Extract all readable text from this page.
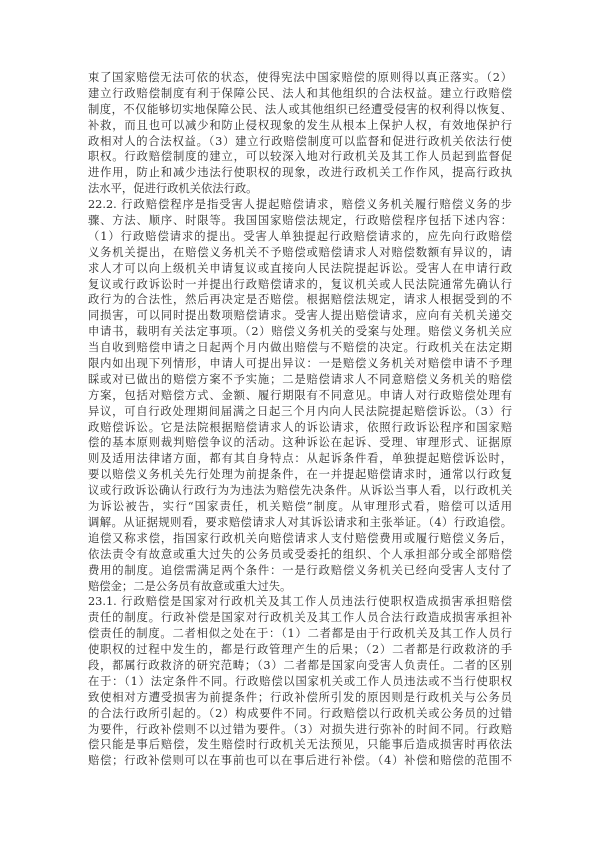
束了国家赔偿无法可依的状态，使得宪法中国家赔偿的原则得以真正落实。（2）
建立行政赔偿制度有利于保障公民、法人和其他组织的合法权益。建立行政赔偿
制度，不仅能够切实地保障公民、法人或其他组织已经遭受侵害的权利得以恢复、
补救，而且也可以减少和防止侵权现象的发生从根本上保护人权，有效地保护行
政相对人的合法权益。（3）建立行政赔偿制度可以监督和促进行政机关依法行使
职权。行政赔偿制度的建立，可以较深入地对行政机关及其工作人员起到监督促
进作用，防止和减少违法行使职权的现象，改进行政机关工作作风，提高行政执
法水平，促进行政机关依法行政。
22.2. 行政赔偿程序是指受害人提起赔偿请求，赔偿义务机关履行赔偿义务的步
骤、方法、顺序、时限等。我国国家赔偿法规定，行政赔偿程序包括下述内容：
（1）行政赔偿请求的提出。受害人单独提起行政赔偿请求的，应先向行政赔偿
义务机关提出，在赔偿义务机关不予赔偿或赔偿请求人对赔偿数额有异议的，请
求人才可以向上级机关申请复议或直接向人民法院提起诉讼。受害人在申请行政
复议或行政诉讼时一并提出行政赔偿请求的，复议机关或人民法院通常先确认行
政行为的合法性，然后再决定是否赔偿。根据赔偿法规定，请求人根据受到的不
同损害，可以同时提出数项赔偿请求。受害人提出赔偿请求，应向有关机关递交
申请书，载明有关法定事项。（2）赔偿义务机关的受案与处理。赔偿义务机关应
当自收到赔偿申请之日起两个月内做出赔偿与不赔偿的决定。行政机关在法定期
限内如出现下列情形，申请人可提出异议：一是赔偿义务机关对赔偿申请不予理
睬或对已做出的赔偿方案不予实施；二是赔偿请求人不同意赔偿义务机关的赔偿
方案，包括对赔偿方式、金额、履行期限有不同意见。申请人对行政赔偿处理有
异议，可自行政处理期间届满之日起三个月内向人民法院提起赔偿诉讼。（3）行
政赔偿诉讼。它是法院根据赔偿请求人的诉讼请求，依照行政诉讼程序和国家赔
偿的基本原则裁判赔偿争议的活动。这种诉讼在起诉、受理、审理形式、证据原
则及适用法律诸方面，都有其自身特点：从起诉条件看，单独提起赔偿诉讼时，
要以赔偿义务机关先行处理为前提条件，在一并提起赔偿请求时，通常以行政复
议或行政诉讼确认行政行为为违法为赔偿先决条件。从诉讼当事人看，以行政机关
为诉讼被告，实行“国家责任，机关赔偿”制度。从审理形式看，赔偿可以适用
调解。从证据规则看，要求赔偿请求人对其诉讼请求和主张举证。（4）行政追偿。
追偿又称求偿，指国家行政机关向赔偿请求人支付赔偿费用或履行赔偿义务后，
依法责令有故意或重大过失的公务员或受委托的组织、个人承担部分或全部赔偿
费用的制度。追偿需满足两个条件：一是行政赔偿义务机关已经向受害人支付了
赔偿金；二是公务员有故意或重大过失。
23.1. 行政赔偿是国家对行政机关及其工作人员违法行使职权造成损害承担赔偿
责任的制度。行政补偿是国家对行政机关及其工作人员合法行政造成损害承担补
偿责任的制度。二者相似之处在于：（1）二者都是由于行政机关及其工作人员行
使职权的过程中发生的，都是行政管理产生的后果；（2）二者都是行政救济的手
段，都属行政救济的研究范畴；（3）二者都是国家向受害人负责任。二者的区别
在于：（1）法定条件不同。行政赔偿以国家机关或工作人员违法或不当行使职权
致使相对方遭受损害为前提条件；行政补偿所引发的原因则是行政机关与公务员
的合法行政所引起的。（2）构成要件不同。行政赔偿以行政机关或公务员的过错
为要件，行政补偿则不以过错为要件。（3）对损失进行弥补的时间不同。行政赔
偿只能是事后赔偿，发生赔偿时行政机关无法预见，只能事后造成损害时再依法
赔偿；行政补偿则可以在事前也可以在事后进行补偿。（4）补偿和赔偿的范围不
